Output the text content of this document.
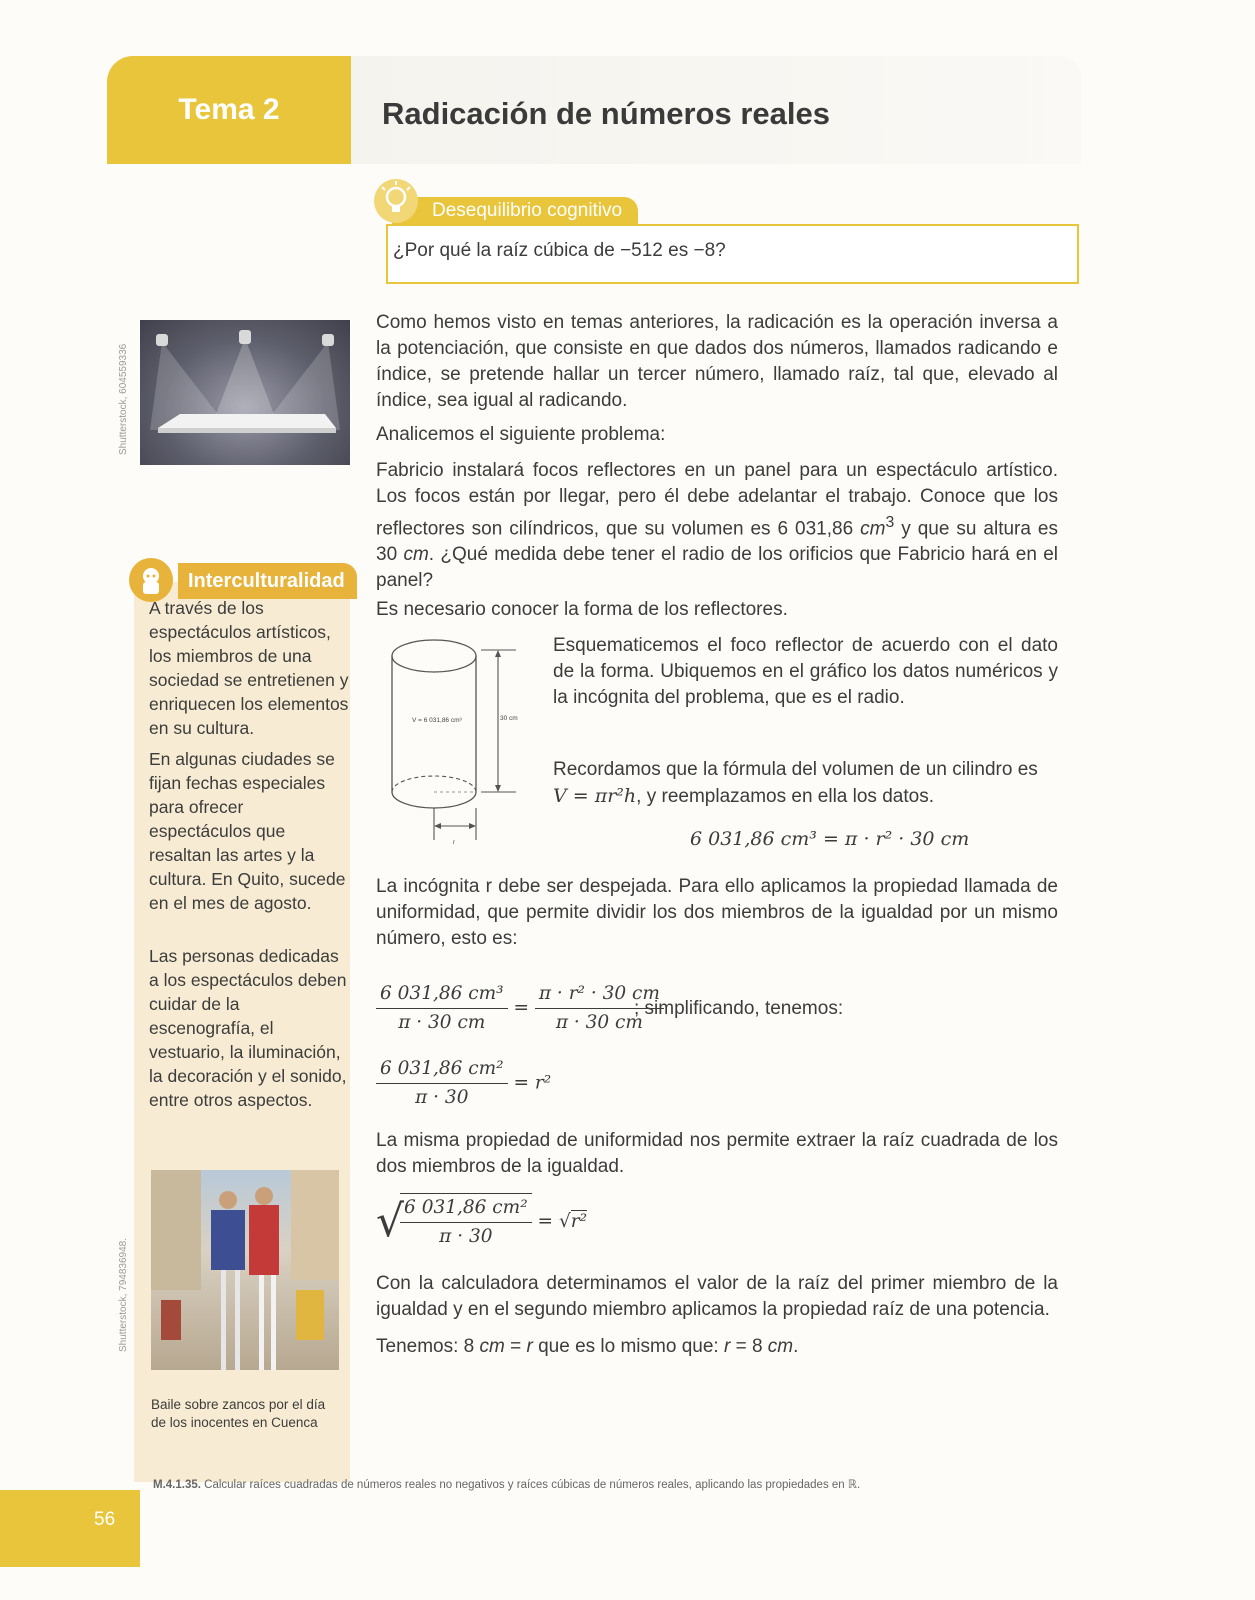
Tema 2	Radicación de números reales
Desequilibrio cognitivo
¿Por qué la raíz cúbica de −512 es −8?
Shutterstock, 604559336
Interculturalidad
A través de los espectáculos artísticos, los miembros de una sociedad se entretienen y enriquecen los elementos en su cultura.
En algunas ciudades se fijan fechas especiales para ofrecer espectáculos que resaltan las artes y la cultura. En Quito, sucede en el mes de agosto.
Las personas dedicadas a los espectáculos deben cuidar de la escenografía, el vestuario, la iluminación, la decoración y el sonido, entre otros aspectos.
Shutterstock, 794836948.
Baile sobre zancos por el día de los inocentes en Cuenca
Como hemos visto en temas anteriores, la radicación es la operación inversa a la potenciación, que consiste en que dados dos números, llamados radicando e índice, se pretende hallar un tercer número, llamado raíz, tal que, elevado al índice, sea igual al radicando.
Analicemos el siguiente problema:
Fabricio instalará focos reflectores en un panel para un espectáculo artístico. Los focos están por llegar, pero él debe adelantar el trabajo. Conoce que los reflectores son cilíndricos, que su volumen es 6 031,86 $cm^3$ y que su altura es 30 cm. ¿Qué medida debe tener el radio de los orificios que Fabricio hará en el panel?
Es necesario conocer la forma de los reflectores.
V = 6 031,86 cm³	30 cm
r
Esquematicemos el foco reflector de acuerdo con el dato de la forma. Ubiquemos en el gráfico los datos numéricos y la incógnita del problema, que es el radio.
Recordamos que la fórmula del volumen de un cilindro es
V = πr²h, y reemplazamos en ella los datos.
6 031,86 cm³ = π · r² · 30 cm
La incógnita r debe ser despejada. Para ello aplicamos la propiedad llamada de uniformidad, que permite dividir los dos miembros de la igualdad por un mismo número, esto es:
$\frac{\text{6 031,86 cm³}}{\pi \cdot 30 cm} = \frac{\text{π · r² · 30 cm}}{\pi \cdot 30 cm}$
; simplificando, tenemos:
$\frac{\text{6 031,86 cm²}}{\pi \cdot 30} = r^2$
La misma propiedad de uniformidad nos permite extraer la raíz cuadrada de los dos miembros de la igualdad.
√
$\frac{\text{6 031,86 cm²}}{\pi \cdot 30} = √r^2$
Con la calculadora determinamos el valor de la raíz del primer miembro de la igualdad y en el segundo miembro aplicamos la propiedad raíz de una potencia.
Tenemos: 8 cm = r que es lo mismo que: r = 8 cm.
M.4.1.35. Calcular raíces cuadradas de números reales no negativos y raíces cúbicas de números reales, aplicando las propiedades en ℝ.
56
